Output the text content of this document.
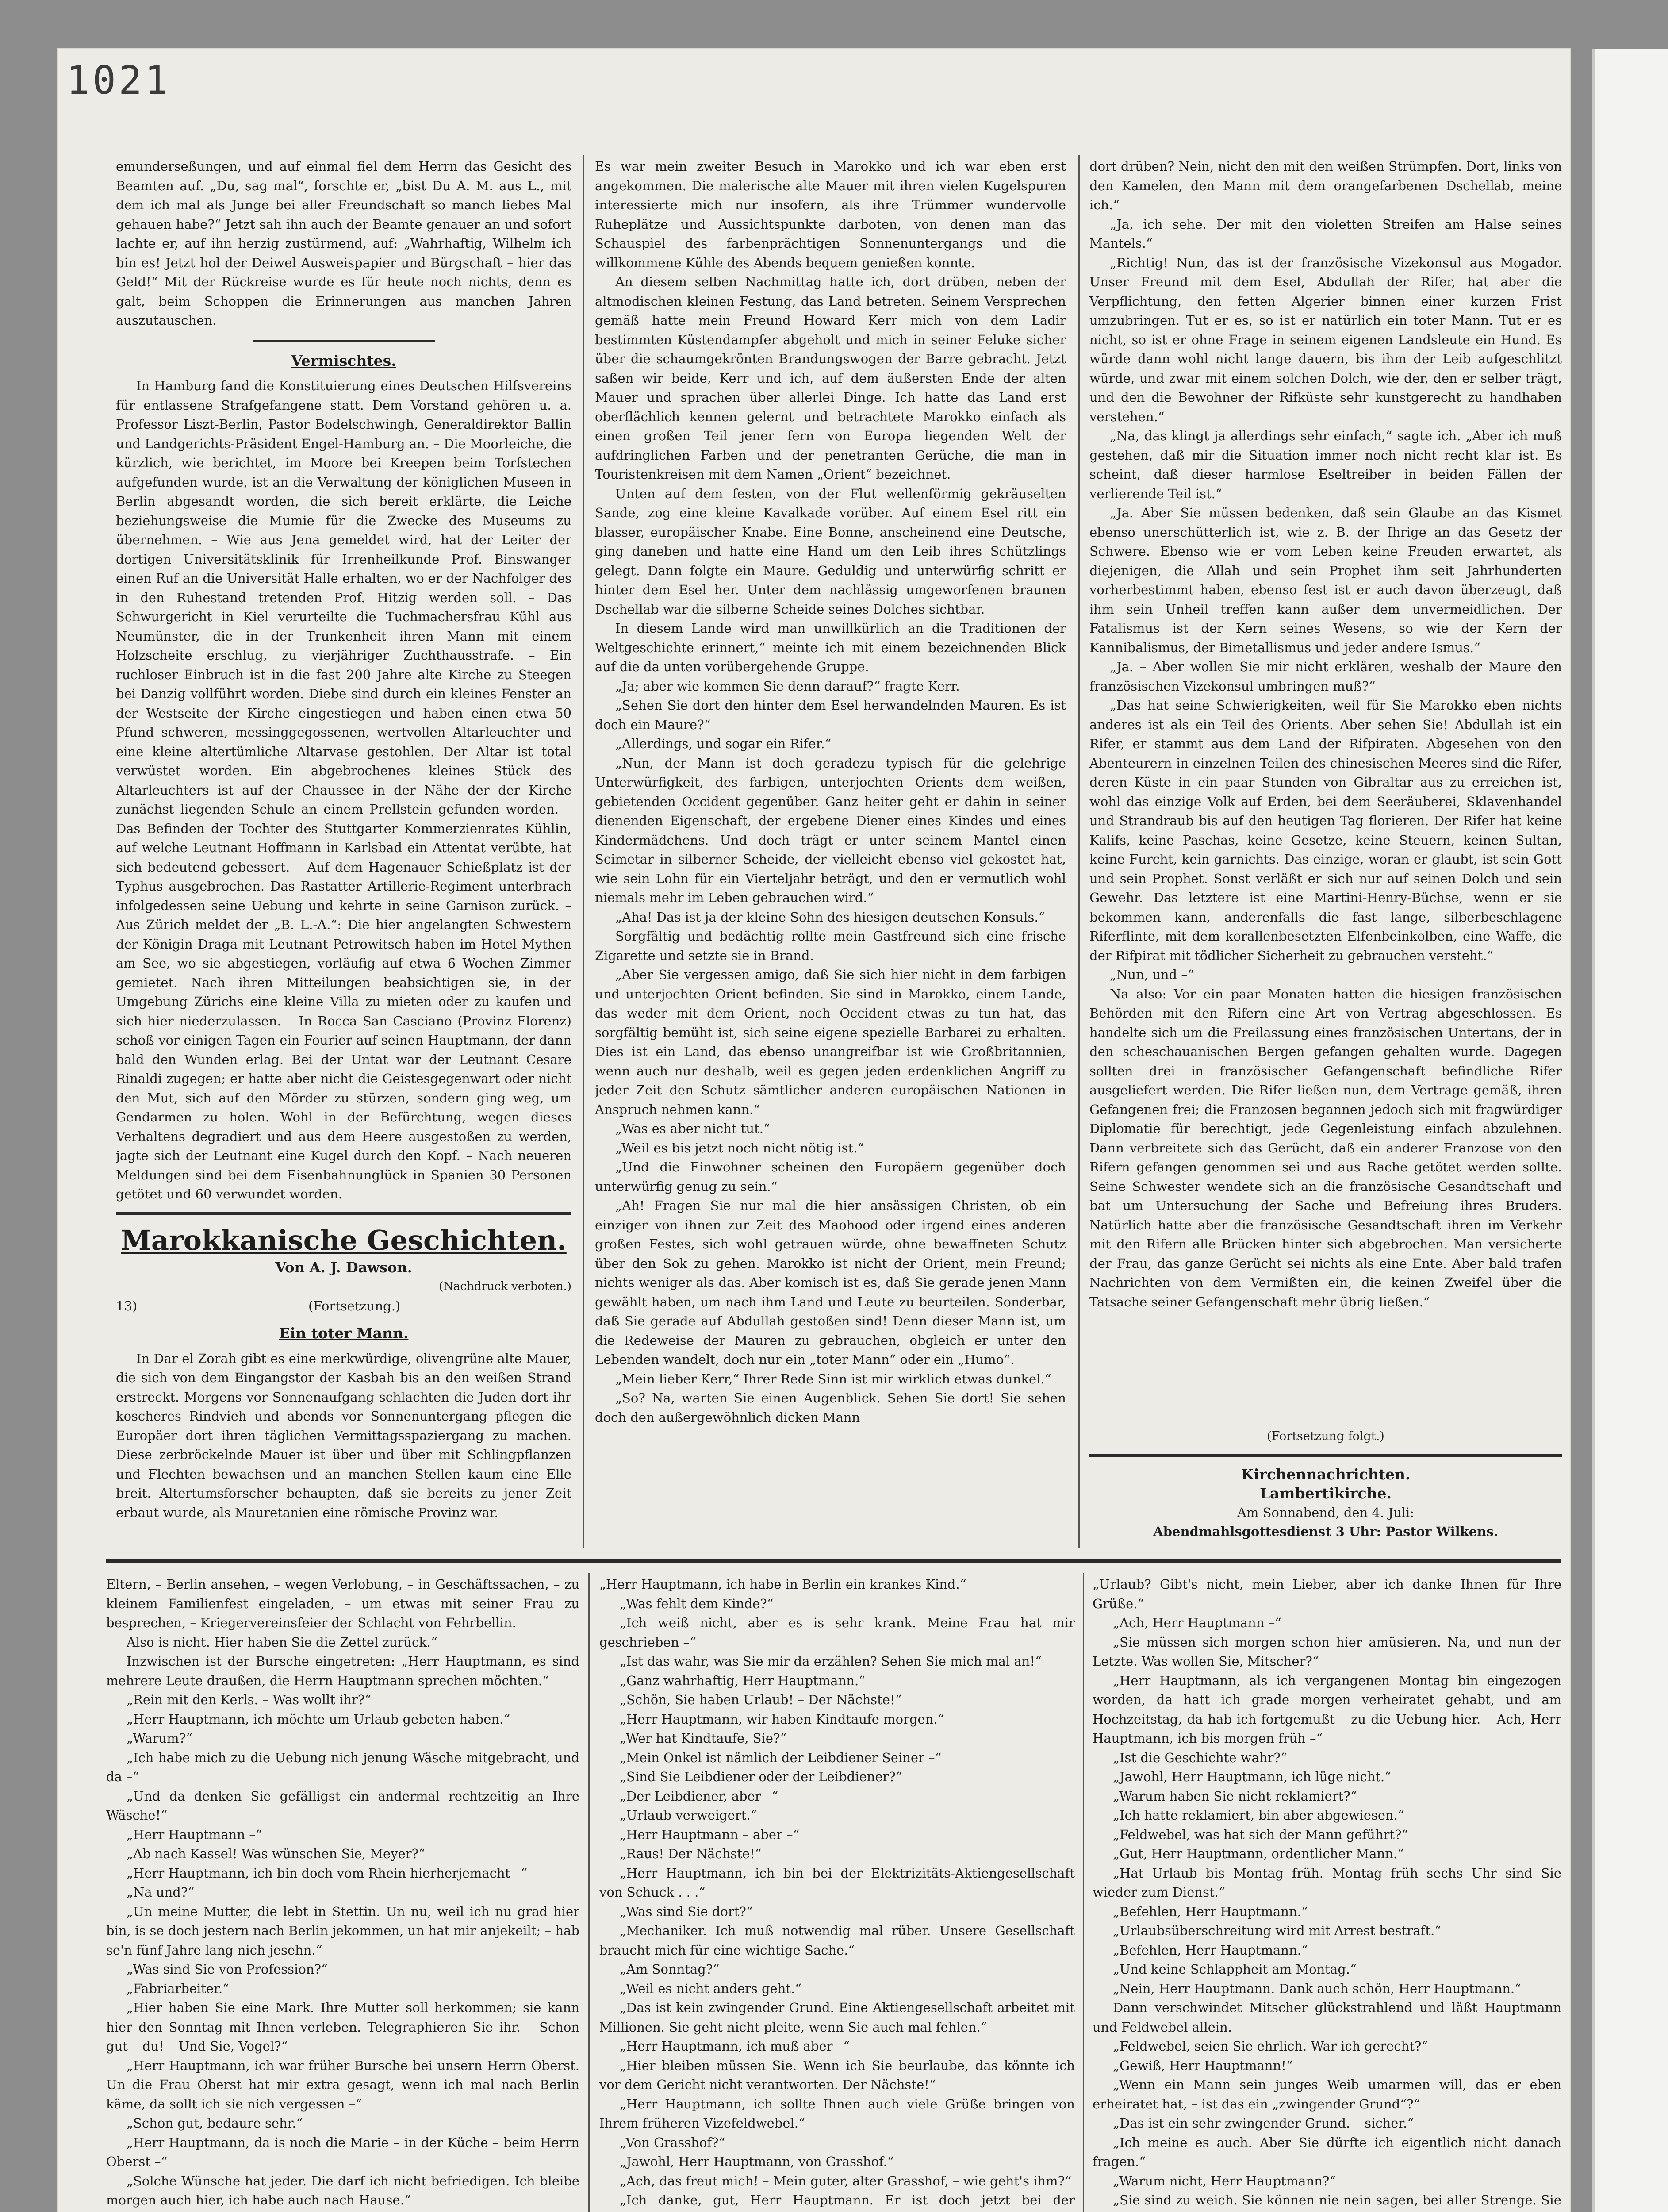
1021

emunderseßungen, und auf einmal fiel dem Herrn das Gesicht des Beamten auf. „Du, sag mal“, forschte er, „bist Du A. M. aus L., mit dem ich mal als Junge bei aller Freundschaft so manch liebes Mal gehauen habe?“ Jetzt sah ihn auch der Beamte genauer an und sofort lachte er, auf ihn herzig zustürmend, auf: „Wahrhaftig, Wilhelm ich bin es! Jetzt hol der Deiwel Ausweispapier und Bürgschaft – hier das Geld!“ Mit der Rückreise wurde es für heute noch nichts, denn es galt, beim Schoppen die Erinnerungen aus manchen Jahren auszutauschen.

Vermischtes.

In Hamburg fand die Konstituierung eines Deutschen Hilfsvereins für entlassene Strafgefangene statt. Dem Vorstand gehören u. a. Professor Liszt-Berlin, Pastor Bodelschwingh, Generaldirektor Ballin und Landgerichts-Präsident Engel-Hamburg an. – Die Moorleiche, die kürzlich, wie berichtet, im Moore bei Kreepen beim Torfstechen aufgefunden wurde, ist an die Verwaltung der königlichen Museen in Berlin abgesandt worden, die sich bereit erklärte, die Leiche beziehungsweise die Mumie für die Zwecke des Museums zu übernehmen. – Wie aus Jena gemeldet wird, hat der Leiter der dortigen Universitätsklinik für Irrenheilkunde Prof. Binswanger einen Ruf an die Universität Halle erhalten, wo er der Nachfolger des in den Ruhestand tretenden Prof. Hitzig werden soll. – Das Schwurgericht in Kiel verurteilte die Tuchmachersfrau Kühl aus Neumünster, die in der Trunkenheit ihren Mann mit einem Holzscheite erschlug, zu vierjähriger Zuchthausstrafe. – Ein ruchloser Einbruch ist in die fast 200 Jahre alte Kirche zu Steegen bei Danzig vollführt worden. Diebe sind durch ein kleines Fenster an der Westseite der Kirche eingestiegen und haben einen etwa 50 Pfund schweren, messinggegossenen, wertvollen Altarleuchter und eine kleine altertümliche Altarvase gestohlen. Der Altar ist total verwüstet worden. Ein abgebrochenes kleines Stück des Altarleuchters ist auf der Chaussee in der Nähe der der Kirche zunächst liegenden Schule an einem Prellstein gefunden worden. – Das Befinden der Tochter des Stuttgarter Kommerzienrates Kühlin, auf welche Leutnant Hoffmann in Karlsbad ein Attentat verübte, hat sich bedeutend gebessert. – Auf dem Hagenauer Schießplatz ist der Typhus ausgebrochen. Das Rastatter Artillerie-Regiment unterbrach infolgedessen seine Uebung und kehrte in seine Garnison zurück. – Aus Zürich meldet der „B. L.-A.“: Die hier angelangten Schwestern der Königin Draga mit Leutnant Petrowitsch haben im Hotel Mythen am See, wo sie abgestiegen, vorläufig auf etwa 6 Wochen Zimmer gemietet. Nach ihren Mitteilungen beabsichtigen sie, in der Umgebung Zürichs eine kleine Villa zu mieten oder zu kaufen und sich hier niederzulassen. – In Rocca San Casciano (Provinz Florenz) schoß vor einigen Tagen ein Fourier auf seinen Hauptmann, der dann bald den Wunden erlag. Bei der Untat war der Leutnant Cesare Rinaldi zugegen; er hatte aber nicht die Geistesgegenwart oder nicht den Mut, sich auf den Mörder zu stürzen, sondern ging weg, um Gendarmen zu holen. Wohl in der Befürchtung, wegen dieses Verhaltens degradiert und aus dem Heere ausgestoßen zu werden, jagte sich der Leutnant eine Kugel durch den Kopf. – Nach neueren Meldungen sind bei dem Eisenbahnunglück in Spanien 30 Personen getötet und 60 verwundet worden.

Marokkanische Geschichten.

Von A. J. Dawson.

(Nachdruck verboten.)

13)	(Fortsetzung.)

Ein toter Mann.

In Dar el Zorah gibt es eine merkwürdige, olivengrüne alte Mauer, die sich von dem Eingangstor der Kasbah bis an den weißen Strand erstreckt. Morgens vor Sonnenaufgang schlachten die Juden dort ihr koscheres Rindvieh und abends vor Sonnenuntergang pflegen die Europäer dort ihren täglichen Vermittagsspaziergang zu machen. Diese zerbröckelnde Mauer ist über und über mit Schlingpflanzen und Flechten bewachsen und an manchen Stellen kaum eine Elle breit. Altertumsforscher behaupten, daß sie bereits zu jener Zeit erbaut wurde, als Mauretanien eine römische Provinz war.

Es war mein zweiter Besuch in Marokko und ich war eben erst angekommen. Die malerische alte Mauer mit ihren vielen Kugelspuren interessierte mich nur insofern, als ihre Trümmer wundervolle Ruheplätze und Aussichtspunkte darboten, von denen man das Schauspiel des farbenprächtigen Sonnenuntergangs und die willkommene Kühle des Abends bequem genießen konnte.

An diesem selben Nachmittag hatte ich, dort drüben, neben der altmodischen kleinen Festung, das Land betreten. Seinem Versprechen gemäß hatte mein Freund Howard Kerr mich von dem Ladir bestimmten Küstendampfer abgeholt und mich in seiner Feluke sicher über die schaumgekrönten Brandungswogen der Barre gebracht. Jetzt saßen wir beide, Kerr und ich, auf dem äußersten Ende der alten Mauer und sprachen über allerlei Dinge. Ich hatte das Land erst oberflächlich kennen gelernt und betrachtete Marokko einfach als einen großen Teil jener fern von Europa liegenden Welt der aufdringlichen Farben und der penetranten Gerüche, die man in Touristenkreisen mit dem Namen „Orient“ bezeichnet.

Unten auf dem festen, von der Flut wellenförmig gekräuselten Sande, zog eine kleine Kavalkade vorüber. Auf einem Esel ritt ein blasser, europäischer Knabe. Eine Bonne, anscheinend eine Deutsche, ging daneben und hatte eine Hand um den Leib ihres Schützlings gelegt. Dann folgte ein Maure. Geduldig und unterwürfig schritt er hinter dem Esel her. Unter dem nachlässig umgeworfenen braunen Dschellab war die silberne Scheide seines Dolches sichtbar.

In diesem Lande wird man unwillkürlich an die Traditionen der Weltgeschichte erinnert,“ meinte ich mit einem bezeichnenden Blick auf die da unten vorübergehende Gruppe.

„Ja; aber wie kommen Sie denn darauf?“ fragte Kerr.

„Sehen Sie dort den hinter dem Esel herwandelnden Mauren. Es ist doch ein Maure?“

„Allerdings, und sogar ein Rifer.“

„Nun, der Mann ist doch geradezu typisch für die gelehrige Unterwürfigkeit, des farbigen, unterjochten Orients dem weißen, gebietenden Occident gegenüber. Ganz heiter geht er dahin in seiner dienenden Eigenschaft, der ergebene Diener eines Kindes und eines Kindermädchens. Und doch trägt er unter seinem Mantel einen Scimetar in silberner Scheide, der vielleicht ebenso viel gekostet hat, wie sein Lohn für ein Vierteljahr beträgt, und den er vermutlich wohl niemals mehr im Leben gebrauchen wird.“

„Aha! Das ist ja der kleine Sohn des hiesigen deutschen Konsuls.“

Sorgfältig und bedächtig rollte mein Gastfreund sich eine frische Zigarette und setzte sie in Brand.

„Aber Sie vergessen amigo, daß Sie sich hier nicht in dem farbigen und unterjochten Orient befinden. Sie sind in Marokko, einem Lande, das weder mit dem Orient, noch Occident etwas zu tun hat, das sorgfältig bemüht ist, sich seine eigene spezielle Barbarei zu erhalten. Dies ist ein Land, das ebenso unangreifbar ist wie Großbritannien, wenn auch nur deshalb, weil es gegen jeden erdenklichen Angriff zu jeder Zeit den Schutz sämtlicher anderen europäischen Nationen in Anspruch nehmen kann.“

„Was es aber nicht tut.“

„Weil es bis jetzt noch nicht nötig ist.“

„Und die Einwohner scheinen den Europäern gegenüber doch unterwürfig genug zu sein.“

„Ah! Fragen Sie nur mal die hier ansässigen Christen, ob ein einziger von ihnen zur Zeit des Maohood oder irgend eines anderen großen Festes, sich wohl getrauen würde, ohne bewaffneten Schutz über den Sok zu gehen. Marokko ist nicht der Orient, mein Freund; nichts weniger als das. Aber komisch ist es, daß Sie gerade jenen Mann gewählt haben, um nach ihm Land und Leute zu beurteilen. Sonderbar, daß Sie gerade auf Abdullah gestoßen sind! Denn dieser Mann ist, um die Redeweise der Mauren zu gebrauchen, obgleich er unter den Lebenden wandelt, doch nur ein „toter Mann“ oder ein „Humo“.

„Mein lieber Kerr,“ Ihrer Rede Sinn ist mir wirklich etwas dunkel.“

„So? Na, warten Sie einen Augenblick. Sehen Sie dort! Sie sehen doch den außergewöhnlich dicken Mann

dort drüben? Nein, nicht den mit den weißen Strümpfen. Dort, links von den Kamelen, den Mann mit dem orangefarbenen Dschellab, meine ich.“

„Ja, ich sehe. Der mit den violetten Streifen am Halse seines Mantels.“

„Richtig! Nun, das ist der französische Vizekonsul aus Mogador. Unser Freund mit dem Esel, Abdullah der Rifer, hat aber die Verpflichtung, den fetten Algerier binnen einer kurzen Frist umzubringen. Tut er es, so ist er natürlich ein toter Mann. Tut er es nicht, so ist er ohne Frage in seinem eigenen Landsleute ein Hund. Es würde dann wohl nicht lange dauern, bis ihm der Leib aufgeschlitzt würde, und zwar mit einem solchen Dolch, wie der, den er selber trägt, und den die Bewohner der Rifküste sehr kunstgerecht zu handhaben verstehen.“

„Na, das klingt ja allerdings sehr einfach,“ sagte ich. „Aber ich muß gestehen, daß mir die Situation immer noch nicht recht klar ist. Es scheint, daß dieser harmlose Eseltreiber in beiden Fällen der verlierende Teil ist.“

„Ja. Aber Sie müssen bedenken, daß sein Glaube an das Kismet ebenso unerschütterlich ist, wie z. B. der Ihrige an das Gesetz der Schwere. Ebenso wie er vom Leben keine Freuden erwartet, als diejenigen, die Allah und sein Prophet ihm seit Jahrhunderten vorherbestimmt haben, ebenso fest ist er auch davon überzeugt, daß ihm sein Unheil treffen kann außer dem unvermeidlichen. Der Fatalismus ist der Kern seines Wesens, so wie der Kern der Kannibalismus, der Bimetallismus und jeder andere Ismus.“

„Ja. – Aber wollen Sie mir nicht erklären, weshalb der Maure den französischen Vizekonsul umbringen muß?“

„Das hat seine Schwierigkeiten, weil für Sie Marokko eben nichts anderes ist als ein Teil des Orients. Aber sehen Sie! Abdullah ist ein Rifer, er stammt aus dem Land der Rifpiraten. Abgesehen von den Abenteurern in einzelnen Teilen des chinesischen Meeres sind die Rifer, deren Küste in ein paar Stunden von Gibraltar aus zu erreichen ist, wohl das einzige Volk auf Erden, bei dem Seeräuberei, Sklavenhandel und Strandraub bis auf den heutigen Tag florieren. Der Rifer hat keine Kalifs, keine Paschas, keine Gesetze, keine Steuern, keinen Sultan, keine Furcht, kein garnichts. Das einzige, woran er glaubt, ist sein Gott und sein Prophet. Sonst verläßt er sich nur auf seinen Dolch und sein Gewehr. Das letztere ist eine Martini-Henry-Büchse, wenn er sie bekommen kann, anderenfalls die fast lange, silberbeschlagene Riferflinte, mit dem korallenbesetzten Elfenbeinkolben, eine Waffe, die der Rifpirat mit tödlicher Sicherheit zu gebrauchen versteht.“

„Nun, und –“

Na also: Vor ein paar Monaten hatten die hiesigen französischen Behörden mit den Rifern eine Art von Vertrag abgeschlossen. Es handelte sich um die Freilassung eines französischen Untertans, der in den scheschauanischen Bergen gefangen gehalten wurde. Dagegen sollten drei in französischer Gefangenschaft befindliche Rifer ausgeliefert werden. Die Rifer ließen nun, dem Vertrage gemäß, ihren Gefangenen frei; die Franzosen begannen jedoch sich mit fragwürdiger Diplomatie für berechtigt, jede Gegenleistung einfach abzulehnen. Dann verbreitete sich das Gerücht, daß ein anderer Franzose von den Rifern gefangen genommen sei und aus Rache getötet werden sollte. Seine Schwester wendete sich an die französische Gesandtschaft und bat um Untersuchung der Sache und Befreiung ihres Bruders. Natürlich hatte aber die französische Gesandtschaft ihren im Verkehr mit den Rifern alle Brücken hinter sich abgebrochen. Man versicherte der Frau, das ganze Gerücht sei nichts als eine Ente. Aber bald trafen Nachrichten von dem Vermißten ein, die keinen Zweifel über die Tatsache seiner Gefangenschaft mehr übrig ließen.“

(Fortsetzung folgt.)

Kirchennachrichten.

Lambertikirche.

Am Sonnabend, den 4. Juli:

Abendmahlsgottesdienst 3 Uhr: Pastor Wilkens.

Eltern, – Berlin ansehen, – wegen Verlobung, – in Geschäftssachen, – zu kleinem Familienfest eingeladen, – um etwas mit seiner Frau zu besprechen, – Kriegervereinsfeier der Schlacht von Fehrbellin.

Also is nicht. Hier haben Sie die Zettel zurück.“

Inzwischen ist der Bursche eingetreten: „Herr Hauptmann, es sind mehrere Leute draußen, die Herrn Hauptmann sprechen möchten.“

„Rein mit den Kerls. – Was wollt ihr?“

„Herr Hauptmann, ich möchte um Urlaub gebeten haben.“

„Warum?“

„Ich habe mich zu die Uebung nich jenung Wäsche mitgebracht, und da –“

„Und da denken Sie gefälligst ein andermal rechtzeitig an Ihre Wäsche!“

„Herr Hauptmann –“

„Ab nach Kassel! Was wünschen Sie, Meyer?“

„Herr Hauptmann, ich bin doch vom Rhein hierherjemacht –“

„Na und?“

„Un meine Mutter, die lebt in Stettin. Un nu, weil ich nu grad hier bin, is se doch jestern nach Berlin jekommen, un hat mir anjekeilt; – hab se'n fünf Jahre lang nich jesehn.“

„Was sind Sie von Profession?“

„Fabriarbeiter.“

„Hier haben Sie eine Mark. Ihre Mutter soll herkommen; sie kann hier den Sonntag mit Ihnen verleben. Telegraphieren Sie ihr. – Schon gut – du! – Und Sie, Vogel?“

„Herr Hauptmann, ich war früher Bursche bei unsern Herrn Oberst. Un die Frau Oberst hat mir extra gesagt, wenn ich mal nach Berlin käme, da sollt ich sie nich vergessen –“

„Schon gut, bedaure sehr.“

„Herr Hauptmann, da is noch die Marie – in der Küche – beim Herrn Oberst –“

„Solche Wünsche hat jeder. Die darf ich nicht befriedigen. Ich bleibe morgen auch hier, ich habe auch nach Hause.“

„Herr Hauptmann, ich habe in Berlin ein krankes Kind.“

„Was fehlt dem Kinde?“

„Ich weiß nicht, aber es is sehr krank. Meine Frau hat mir geschrieben –“

„Ist das wahr, was Sie mir da erzählen? Sehen Sie mich mal an!“

„Ganz wahrhaftig, Herr Hauptmann.“

„Schön, Sie haben Urlaub! – Der Nächste!“

„Herr Hauptmann, wir haben Kindtaufe morgen.“

„Wer hat Kindtaufe, Sie?“

„Mein Onkel ist nämlich der Leibdiener Seiner –“

„Sind Sie Leibdiener oder der Leibdiener?“

„Der Leibdiener, aber –“

„Urlaub verweigert.“

„Herr Hauptmann – aber –“

„Raus! Der Nächste!“

„Herr Hauptmann, ich bin bei der Elektrizitäts-Aktiengesellschaft von Schuck . . .“

„Was sind Sie dort?“

„Mechaniker. Ich muß notwendig mal rüber. Unsere Gesellschaft braucht mich für eine wichtige Sache.“

„Am Sonntag?“

„Weil es nicht anders geht.“

„Das ist kein zwingender Grund. Eine Aktiengesellschaft arbeitet mit Millionen. Sie geht nicht pleite, wenn Sie auch mal fehlen.“

„Herr Hauptmann, ich muß aber –“

„Hier bleiben müssen Sie. Wenn ich Sie beurlaube, das könnte ich vor dem Gericht nicht verantworten. Der Nächste!“

„Herr Hauptmann, ich sollte Ihnen auch viele Grüße bringen von Ihrem früheren Vizefeldwebel.“

„Von Grasshof?“

„Jawohl, Herr Hauptmann, von Grasshof.“

„Ach, das freut mich! – Mein guter, alter Grasshof, – wie geht's ihm?“

„Ich danke, gut, Herr Hauptmann. Er ist doch jetzt bei der

„Urlaub? Gibt's nicht, mein Lieber, aber ich danke Ihnen für Ihre Grüße.“

„Ach, Herr Hauptmann –“

„Sie müssen sich morgen schon hier amüsieren. Na, und nun der Letzte. Was wollen Sie, Mitscher?“

„Herr Hauptmann, als ich vergangenen Montag bin eingezogen worden, da hatt ich grade morgen verheiratet gehabt, und am Hochzeitstag, da hab ich fortgemußt – zu die Uebung hier. – Ach, Herr Hauptmann, ich bis morgen früh –“

„Ist die Geschichte wahr?“

„Jawohl, Herr Hauptmann, ich lüge nicht.“

„Warum haben Sie nicht reklamiert?“

„Ich hatte reklamiert, bin aber abgewiesen.“

„Feldwebel, was hat sich der Mann geführt?“

„Gut, Herr Hauptmann, ordentlicher Mann.“

„Hat Urlaub bis Montag früh. Montag früh sechs Uhr sind Sie wieder zum Dienst.“

„Befehlen, Herr Hauptmann.“

„Urlaubsüberschreitung wird mit Arrest bestraft.“

„Befehlen, Herr Hauptmann.“

„Und keine Schlappheit am Montag.“

„Nein, Herr Hauptmann. Dank auch schön, Herr Hauptmann.“

Dann verschwindet Mitscher glückstrahlend und läßt Hauptmann und Feldwebel allein.

„Feldwebel, seien Sie ehrlich. War ich gerecht?“

„Gewiß, Herr Hauptmann!“

„Wenn ein Mann sein junges Weib umarmen will, das er eben erheiratet hat, – ist das ein „zwingender Grund“?“

„Das ist ein sehr zwingender Grund. – sicher.“

„Ich meine es auch. Aber Sie dürfte ich eigentlich nicht danach fragen.“

„Warum nicht, Herr Hauptmann?“

„Sie sind zu weich. Sie können nie nein sagen, bei aller Strenge. Sie
